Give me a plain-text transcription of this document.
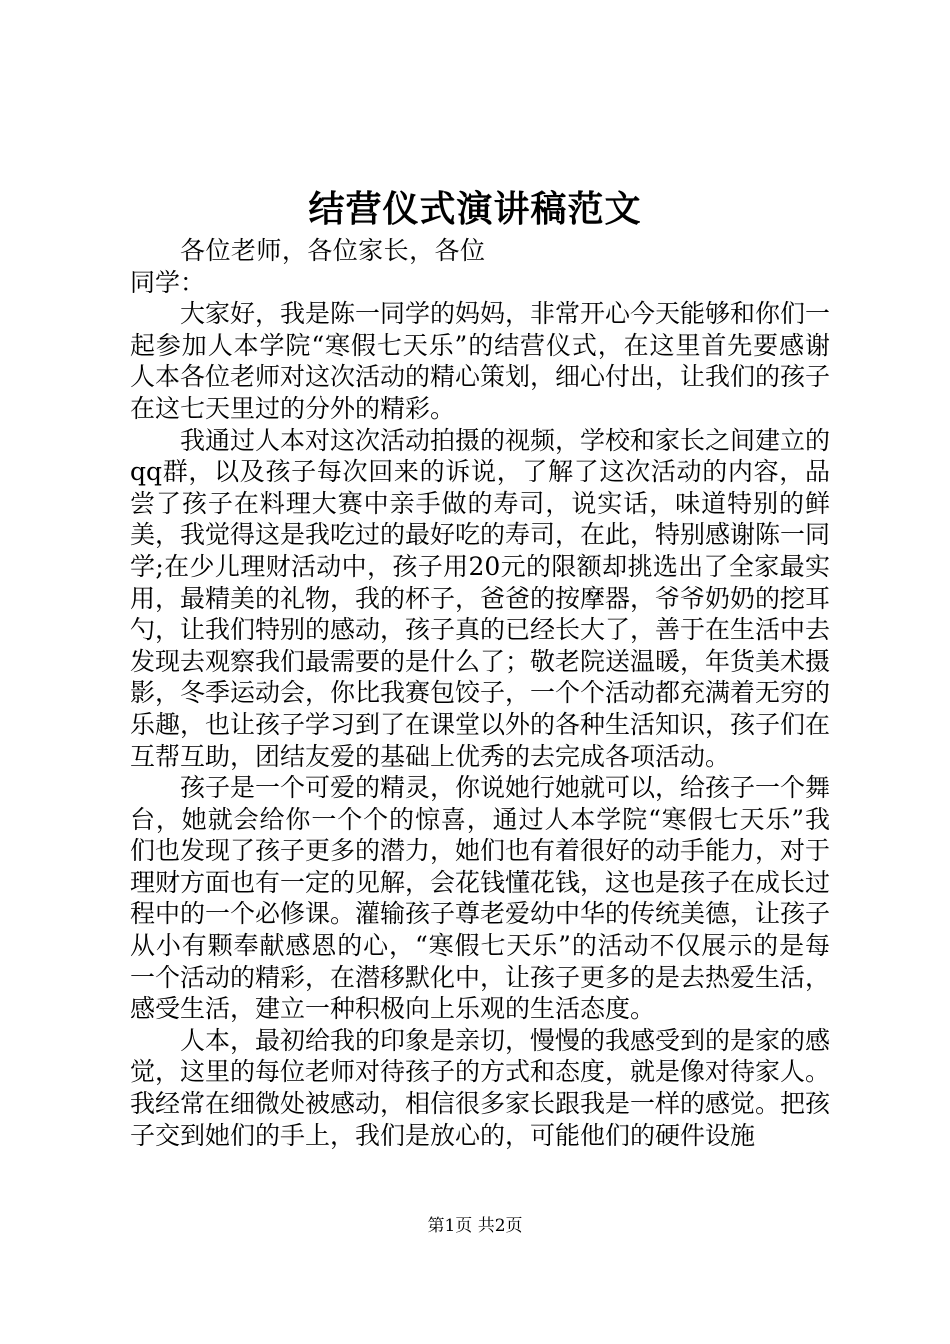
结营仪式演讲稿范文

各位老师，各位家长，各位同学：

大家好，我是陈一同学的妈妈，非常开心今天能够和你们一起参加人本学院“寒假七天乐”的结营仪式，在这里首先要感谢人本各位老师对这次活动的精心策划，细心付出，让我们的孩子在这七天里过的分外的精彩。

我通过人本对这次活动拍摄的视频，学校和家长之间建立的qq群，以及孩子每次回来的诉说，了解了这次活动的内容，品尝了孩子在料理大赛中亲手做的寿司，说实话，味道特别的鲜美，我觉得这是我吃过的最好吃的寿司，在此，特别感谢陈一同学;在少儿理财活动中，孩子用20元的限额却挑选出了全家最实用，最精美的礼物，我的杯子，爸爸的按摩器，爷爷奶奶的挖耳勺，让我们特别的感动，孩子真的已经长大了，善于在生活中去发现去观察我们最需要的是什么了；敬老院送温暖，年货美术摄影，冬季运动会，你比我赛包饺子，一个个活动都充满着无穷的乐趣，也让孩子学习到了在课堂以外的各种生活知识，孩子们在互帮互助，团结友爱的基础上优秀的去完成各项活动。

孩子是一个可爱的精灵，你说她行她就可以，给孩子一个舞台，她就会给你一个个的惊喜，通过人本学院“寒假七天乐”我们也发现了孩子更多的潜力，她们也有着很好的动手能力，对于理财方面也有一定的见解，会花钱懂花钱，这也是孩子在成长过程中的一个必修课。灌输孩子尊老爱幼中华的传统美德，让孩子从小有颗奉献感恩的心，“寒假七天乐”的活动不仅展示的是每一个活动的精彩，在潜移默化中，让孩子更多的是去热爱生活，感受生活，建立一种积极向上乐观的生活态度。

人本，最初给我的印象是亲切，慢慢的我感受到的是家的感觉，这里的每位老师对待孩子的方式和态度，就是像对待家人。我经常在细微处被感动，相信很多家长跟我是一样的感觉。把孩子交到她们的手上，我们是放心的，可能他们的硬件设施

第1页 共2页
